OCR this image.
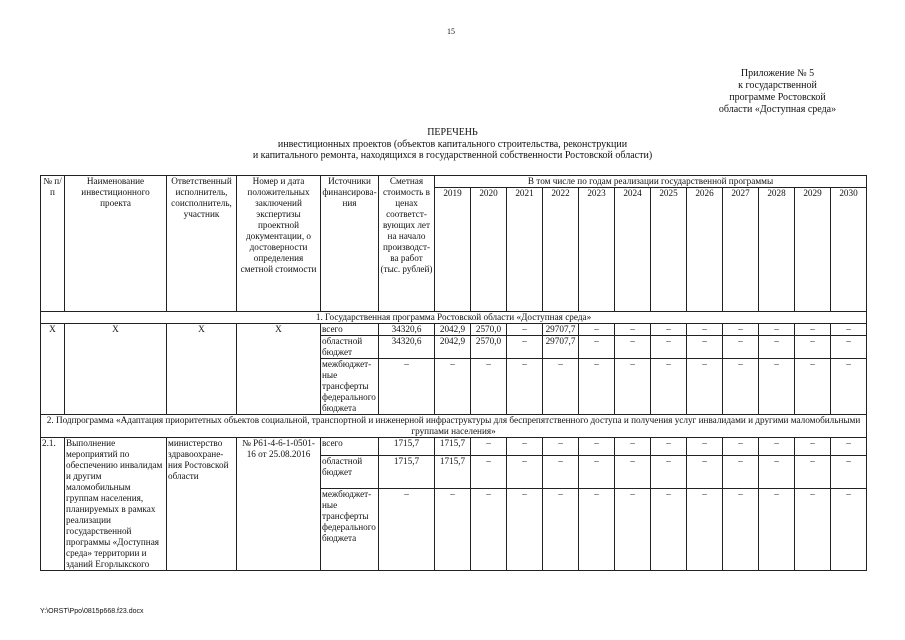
15
Приложение № 5
к государственной
программе Ростовской
области «Доступная среда»
ПЕРЕЧЕНЬ
инвестиционных проектов (объектов капитального строительства, реконструкции
и капитального ремонта, находящихся в государственной собственности Ростовской области)
№ п/п	Наименование инвестиционного проекта	Ответственный исполнитель, соисполнитель, участник	Номер и дата положительных заключений экспертизы проектной документации, о достоверности определения сметной стоимости	Источники финансирова-ния	Сметная стоимость в ценах соответст-вующих лет на начало производст-ва работ (тыс. рублей)	В том числе по годам реализации государственной программы											
						2019	2020	2021	2022	2023	2024	2025	2026	2027	2028	2029	2030
1. Государственная программа Ростовской области «Доступная среда»																	
Х	Х	Х	Х	всего	34320,6	2042,9	2570,0	–	29707,7	–	–	–	–	–	–	–	–
				областной бюджет	34320,6	2042,9	2570,0	–	29707,7	–	–	–	–	–	–	–	–
				межбюджет-ные трансферты федерального бюджета	–	–	–	–	–	–	–	–	–	–	–	–	–
2. Подпрограмма «Адаптация приоритетных объектов социальной, транспортной и инженерной инфраструктуры для беспрепятственного доступа и получения услуг инвалидами и другими маломобильными группами населения»																	
2.1.	Выполнение мероприятий по обеспечению инвалидам и другим маломобильным группам населения, планируемых в рамках реализации государственной программы «Доступная среда» территории и зданий Егорлыкского	министерство здравоохране-ния Ростовской области	№ Р61-4-6-1-0501-16 от 25.08.2016	всего	1715,7	1715,7	–	–	–	–	–	–	–	–	–	–	–
				областной бюджет	1715,7	1715,7	–	–	–	–	–	–	–	–	–	–	–
				межбюджет-ные трансферты федерального бюджета	–	–	–	–	–	–	–	–	–	–	–	–	–
Y:\ORST\Ppo\0815p668.f23.docx
